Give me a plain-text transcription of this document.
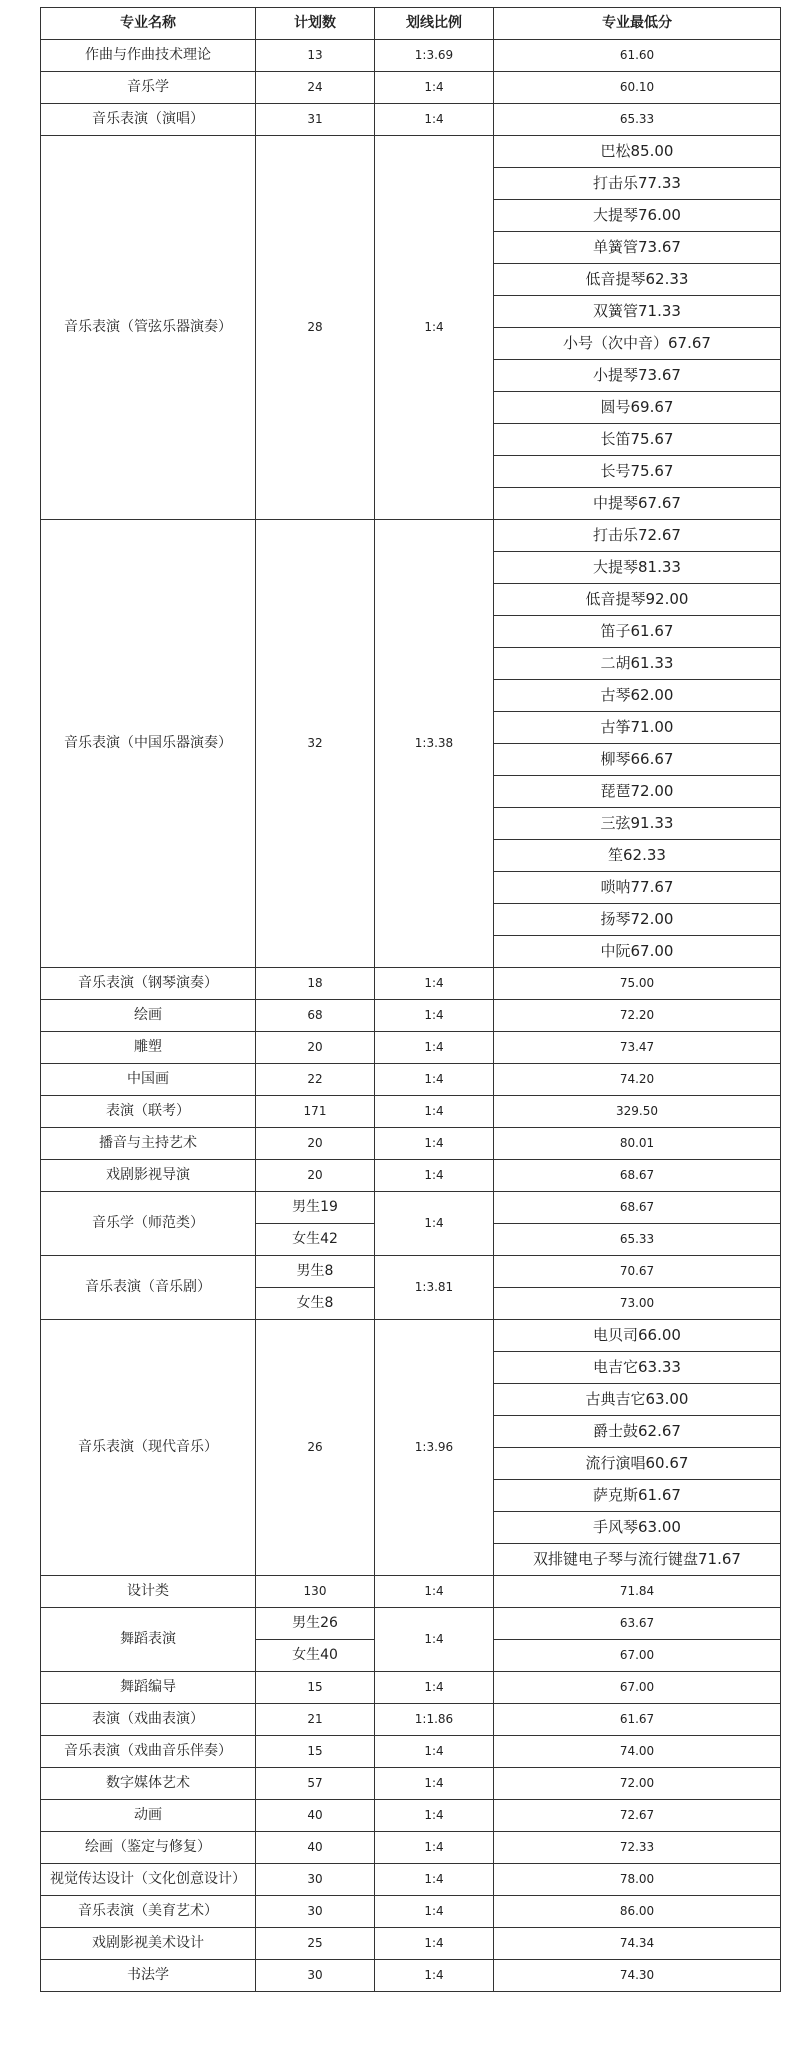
专业名称	计划数	划线比例	专业最低分
作曲与作曲技术理论	13	1:3.69	61.60
音乐学	24	1:4	60.10
音乐表演（演唱）	31	1:4	65.33
音乐表演（管弦乐器演奏）	28	1:4	巴松85.00
			打击乐77.33
			大提琴76.00
			单簧管73.67
			低音提琴62.33
			双簧管71.33
			小号（次中音）67.67
			小提琴73.67
			圆号69.67
			长笛75.67
			长号75.67
			中提琴67.67
音乐表演（中国乐器演奏）	32	1:3.38	打击乐72.67
			大提琴81.33
			低音提琴92.00
			笛子61.67
			二胡61.33
			古琴62.00
			古筝71.00
			柳琴66.67
			琵琶72.00
			三弦91.33
			笙62.33
			唢呐77.67
			扬琴72.00
			中阮67.00
音乐表演（钢琴演奏）	18	1:4	75.00
绘画	68	1:4	72.20
雕塑	20	1:4	73.47
中国画	22	1:4	74.20
表演（联考）	171	1:4	329.50
播音与主持艺术	20	1:4	80.01
戏剧影视导演	20	1:4	68.67
音乐学（师范类）	男生19	1:4	68.67
	女生42		65.33
音乐表演（音乐剧）	男生8	1:3.81	70.67
	女生8		73.00
音乐表演（现代音乐）	26	1:3.96	电贝司66.00
			电吉它63.33
			古典吉它63.00
			爵士鼓62.67
			流行演唱60.67
			萨克斯61.67
			手风琴63.00
			双排键电子琴与流行键盘71.67
设计类	130	1:4	71.84
舞蹈表演	男生26	1:4	63.67
	女生40		67.00
舞蹈编导	15	1:4	67.00
表演（戏曲表演）	21	1:1.86	61.67
音乐表演（戏曲音乐伴奏）	15	1:4	74.00
数字媒体艺术	57	1:4	72.00
动画	40	1:4	72.67
绘画（鉴定与修复）	40	1:4	72.33
视觉传达设计（文化创意设计）	30	1:4	78.00
音乐表演（美育艺术）	30	1:4	86.00
戏剧影视美术设计	25	1:4	74.34
书法学	30	1:4	74.30
